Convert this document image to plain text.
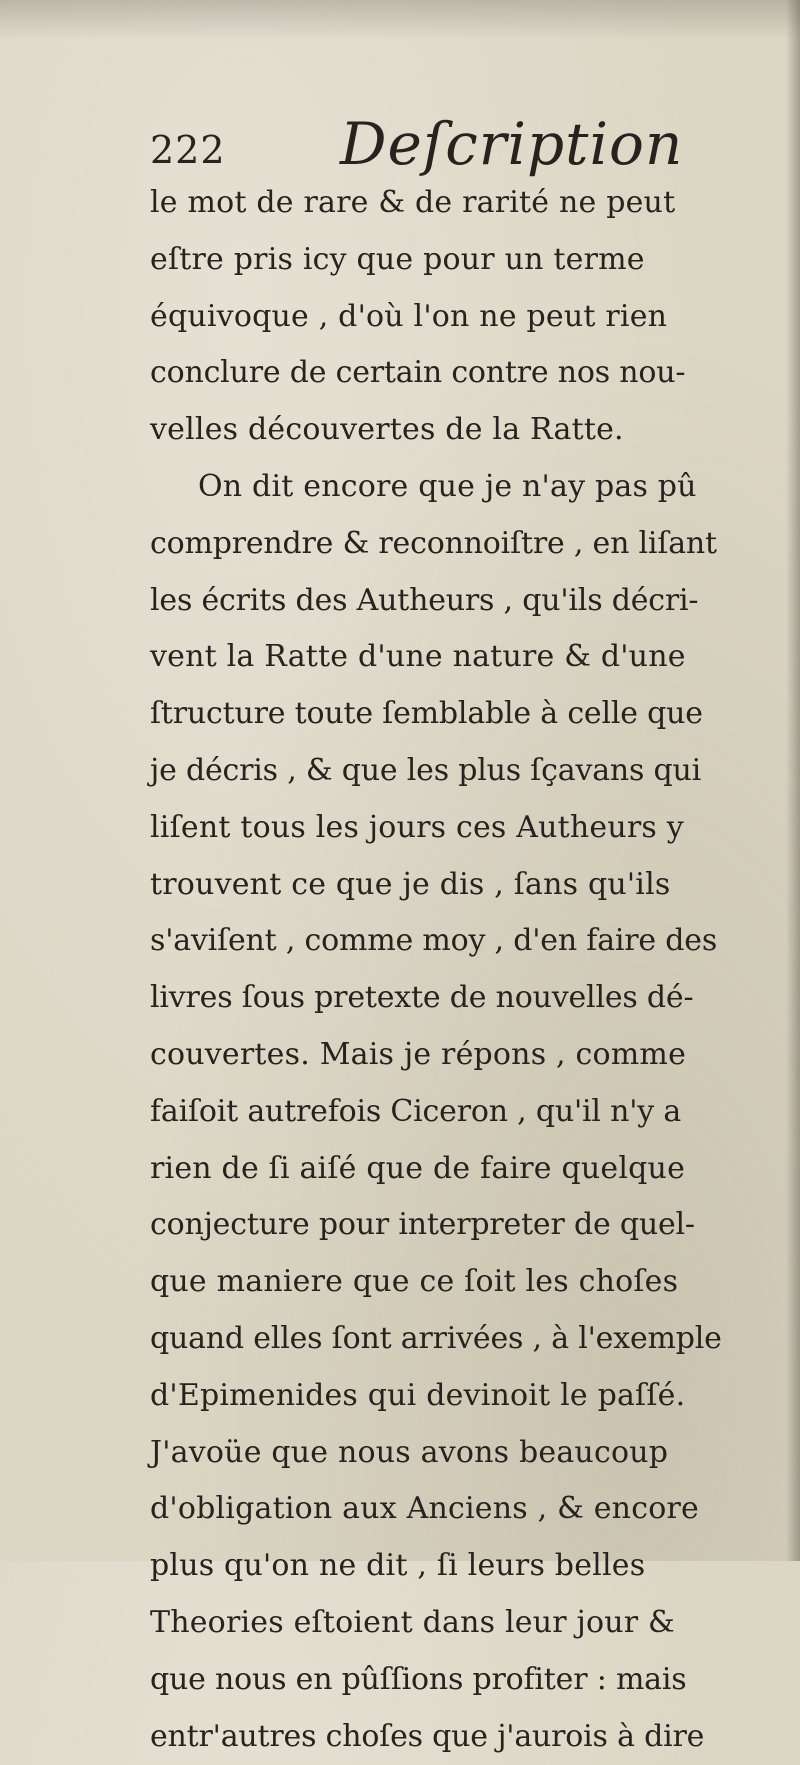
222 Deſcription
le mot de rare & de rarité ne peut
eſtre pris icy que pour un terme
équivoque , d'où l'on ne peut rien
conclure de certain contre nos nou-
velles découvertes de la Ratte.
On dit encore que je n'ay pas pû
comprendre & reconnoiſtre , en liſant
les écrits des Autheurs , qu'ils décri-
vent la Ratte d'une nature & d'une
ſtructure toute ſemblable à celle que
je décris , & que les plus ſçavans qui
liſent tous les jours ces Autheurs y
trouvent ce que je dis , ſans qu'ils
s'aviſent , comme moy , d'en faire des
livres ſous pretexte de nouvelles dé-
couvertes. Mais je répons , comme
faiſoit autrefois Ciceron , qu'il n'y a
rien de ſi aiſé que de faire quelque
conjecture pour interpreter de quel-
que maniere que ce ſoit les choſes
quand elles ſont arrivées , à l'exemple
d'Epimenides qui devinoit le paſſé.
J'avoüe que nous avons beaucoup
d'obligation aux Anciens , & encore
plus qu'on ne dit , ſi leurs belles
Theories eſtoient dans leur jour &
que nous en pûſſions profiter : mais
entr'autres choſes que j'aurois à dire
